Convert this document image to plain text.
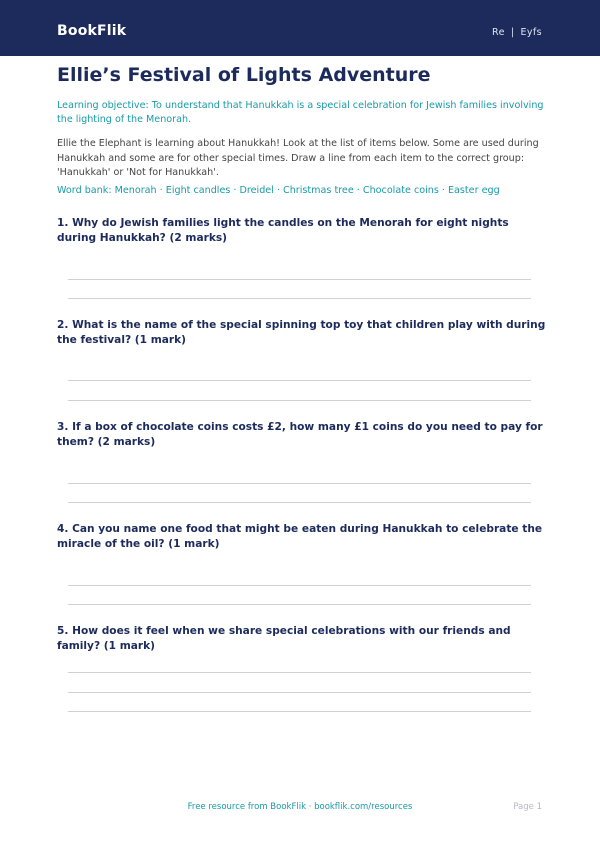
BookFlik	Re | Eyfs
Ellie’s Festival of Lights Adventure

Learning objective: To understand that Hanukkah is a special celebration for Jewish families involving the lighting of the Menorah.

Ellie the Elephant is learning about Hanukkah! Look at the list of items below. Some are used during Hanukkah and some are for other special times. Draw a line from each item to the correct group: 'Hanukkah' or 'Not for Hanukkah'.

Word bank: Menorah · Eight candles · Dreidel · Christmas tree · Chocolate coins · Easter egg

1. Why do Jewish families light the candles on the Menorah for eight nights during Hanukkah? (2 marks)

2. What is the name of the special spinning top toy that children play with during the festival? (1 mark)

3. If a box of chocolate coins costs £2, how many £1 coins do you need to pay for them? (2 marks)

4. Can you name one food that might be eaten during Hanukkah to celebrate the miracle of the oil? (1 mark)

5. How does it feel when we share special celebrations with our friends and family? (1 mark)

Free resource from BookFlik · bookflik.com/resources	Page 1
